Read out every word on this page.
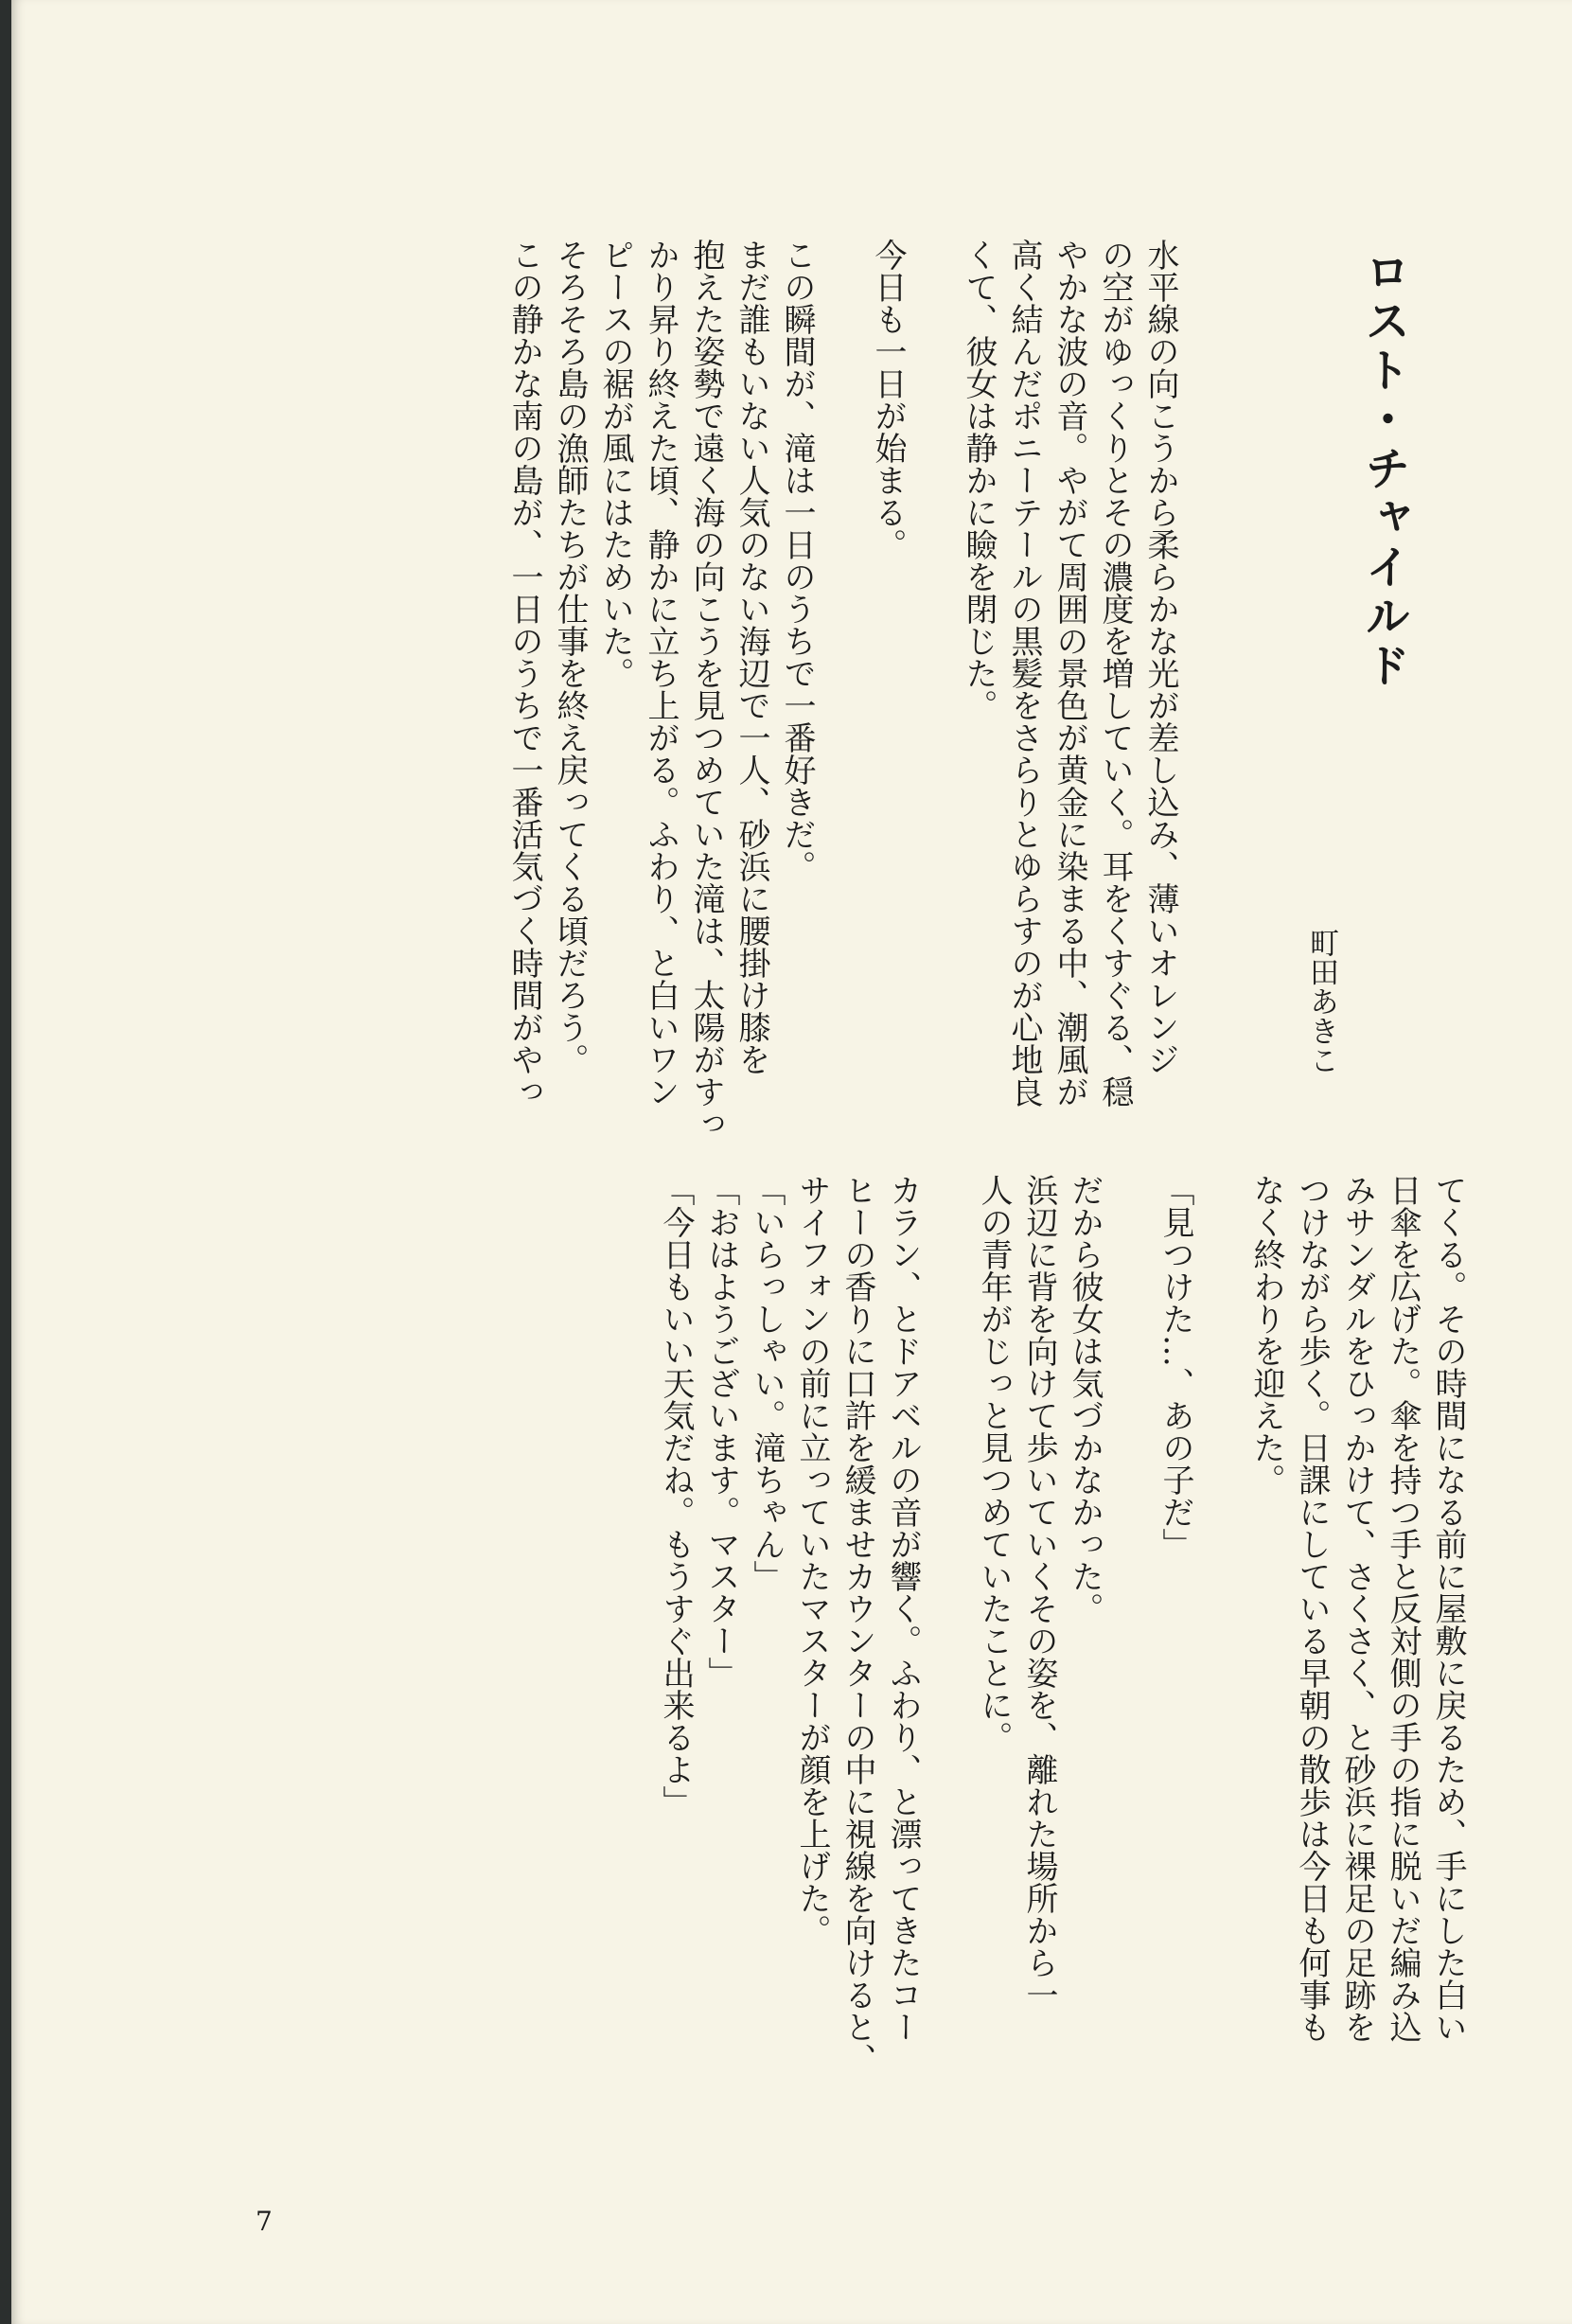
ロスト・チャイルド
町田あきこ
水平線の向こうから柔らかな光が差し込み、薄いオレンジ
の空がゆっくりとその濃度を増していく。耳をくすぐる、穏
やかな波の音。やがて周囲の景色が黄金に染まる中、潮風が
高く結んだポニーテールの黒髪をさらりとゆらすのが心地良
くて、彼女は静かに瞼を閉じた。

今日も一日が始まる。

この瞬間が、滝は一日のうちで一番好きだ。
まだ誰もいない人気のない海辺で一人、砂浜に腰掛け膝を
抱えた姿勢で遠く海の向こうを見つめていた滝は、太陽がすっ
かり昇り終えた頃、静かに立ち上がる。ふわり、と白いワン
ピースの裾が風にはためいた。
そろそろ島の漁師たちが仕事を終え戻ってくる頃だろう。
この静かな南の島が、一日のうちで一番活気づく時間がやっ
てくる。その時間になる前に屋敷に戻るため、手にした白い
日傘を広げた。傘を持つ手と反対側の手の指に脱いだ編み込
みサンダルをひっかけて、さくさく、と砂浜に裸足の足跡を
つけながら歩く。日課にしている早朝の散歩は今日も何事も
なく終わりを迎えた。

「見つけた…、あの子だ」

だから彼女は気づかなかった。
浜辺に背を向けて歩いていくその姿を、離れた場所から一
人の青年がじっと見つめていたことに。

カラン、とドアベルの音が響く。ふわり、と漂ってきたコー
ヒーの香りに口許を緩ませカウンターの中に視線を向けると、
サイフォンの前に立っていたマスターが顔を上げた。
「いらっしゃい。滝ちゃん」
「おはようございます。マスター」
「今日もいい天気だね。もうすぐ出来るよ」
7
